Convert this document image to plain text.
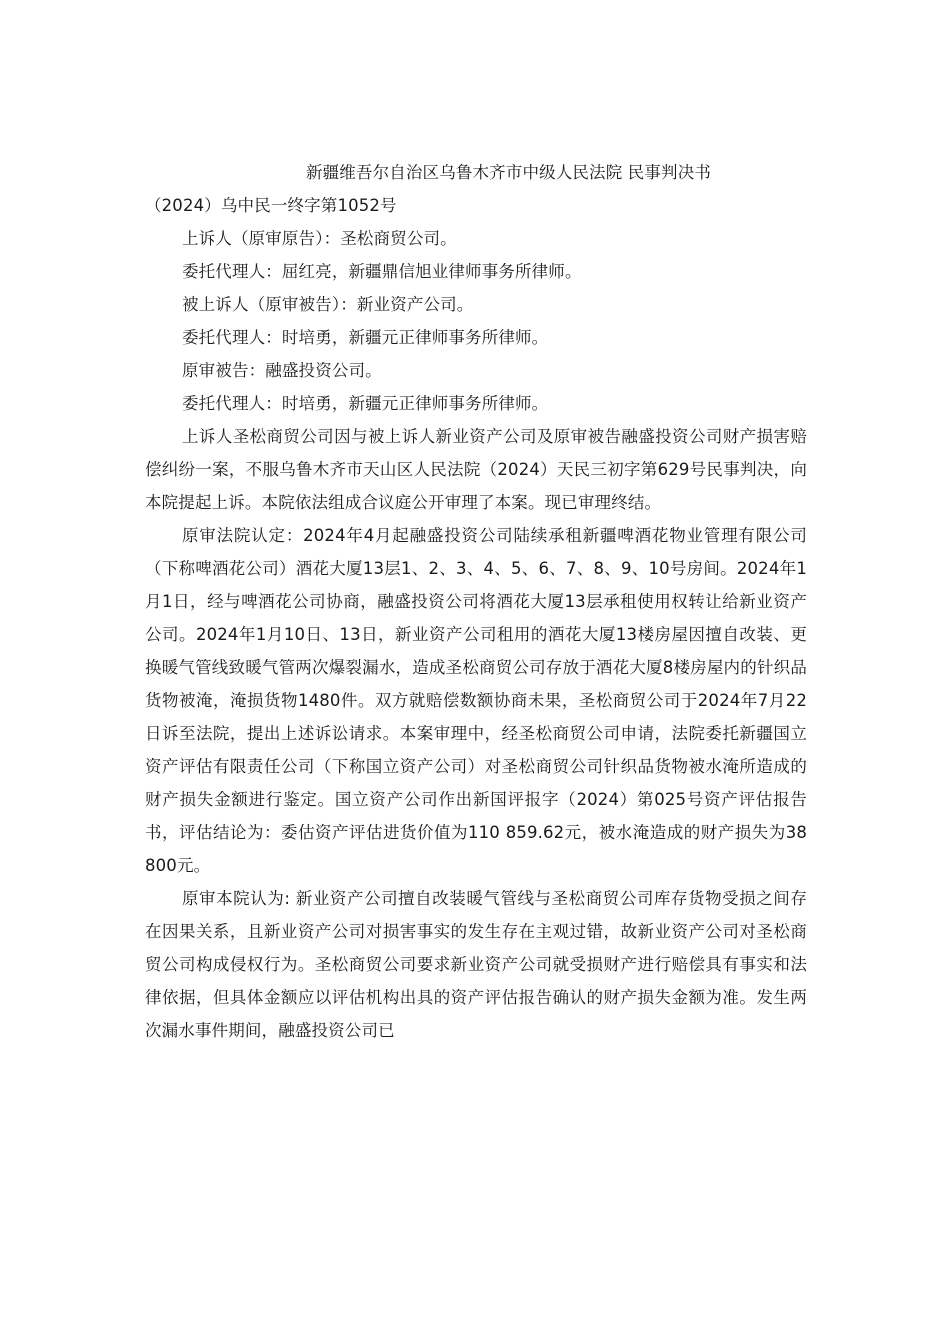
新疆维吾尔自治区乌鲁木齐市中级人民法院 民事判决书
（2024）乌中民一终字第1052号

上诉人（原审原告）：圣松商贸公司。

委托代理人：屈红亮，新疆鼎信旭业律师事务所律师。

被上诉人（原审被告）：新业资产公司。

委托代理人：时培勇，新疆元正律师事务所律师。

原审被告：融盛投资公司。

委托代理人：时培勇，新疆元正律师事务所律师。

上诉人圣松商贸公司因与被上诉人新业资产公司及原审被告融盛投资公司财产损害赔偿纠纷一案，不服乌鲁木齐市天山区人民法院（2024）天民三初字第629号民事判决，向本院提起上诉。本院依法组成合议庭公开审理了本案。现已审理终结。

原审法院认定：2024年4月起融盛投资公司陆续承租新疆啤酒花物业管理有限公司（下称啤酒花公司）酒花大厦13层1、2、3、4、5、6、7、8、9、10号房间。2024年1月1日，经与啤酒花公司协商，融盛投资公司将酒花大厦13层承租使用权转让给新业资产公司。2024年1月10日、13日，新业资产公司租用的酒花大厦13楼房屋因擅自改装、更换暖气管线致暖气管两次爆裂漏水，造成圣松商贸公司存放于酒花大厦8楼房屋内的针织品货物被淹，淹损货物1480件。双方就赔偿数额协商未果，圣松商贸公司于2024年7月22日诉至法院，提出上述诉讼请求。本案审理中，经圣松商贸公司申请，法院委托新疆国立资产评估有限责任公司（下称国立资产公司）对圣松商贸公司针织品货物被水淹所造成的财产损失金额进行鉴定。国立资产公司作出新国评报字（2024）第025号资产评估报告书，评估结论为：委估资产评估进货价值为110 859.62元，被水淹造成的财产损失为38 800元。

原审本院认为: 新业资产公司擅自改装暖气管线与圣松商贸公司库存货物受损之间存在因果关系，且新业资产公司对损害事实的发生存在主观过错，故新业资产公司对圣松商贸公司构成侵权行为。圣松商贸公司要求新业资产公司就受损财产进行赔偿具有事实和法律依据，但具体金额应以评估机构出具的资产评估报告确认的财产损失金额为准。发生两次漏水事件期间，融盛投资公司已
